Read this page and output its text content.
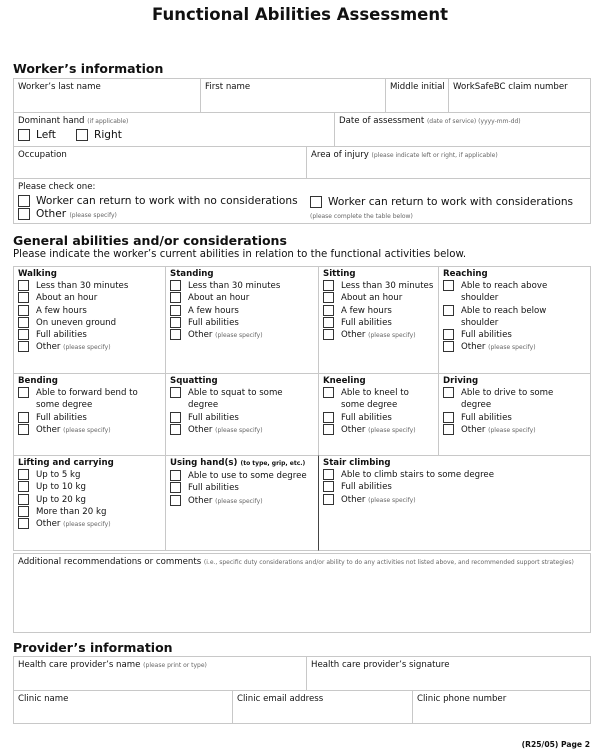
Functional Abilities Assessment
Worker’s information
Worker’s last name	First name	Middle initial WorkSafeBC claim number
Dominant hand (if applicable)
Left	Right
Date of assessment (date of service) (yyyy-mm-dd)
Occupation	Area of injury (please indicate left or right, if applicable)
Please check one:
Worker can return to work with no considerations
Other (please specify)
Worker can return to work with considerations
(please complete the table below)
General abilities and/or considerations
Please indicate the worker’s current abilities in relation to the functional activities below.
Walking
Less than 30 minutes
About an hour
A few hours
On uneven ground
Full abilities
Other (please specify)
Standing
Less than 30 minutes
About an hour
A few hours
Full abilities
Other (please specify)
Sitting
Less than 30 minutes
About an hour
A few hours
Full abilities
Other (please specify)
Reaching
Able to reach above shoulder
Able to reach below shoulder
Full abilities
Other (please specify)
Bending
Able to forward bend to some degree
Full abilities
Other (please specify)
Squatting
Able to squat to some degree
Full abilities
Other (please specify)
Kneeling
Able to kneel to some degree
Full abilities
Other (please specify)
Driving
Able to drive to some degree
Full abilities
Other (please specify)
Lifting and carrying
Up to 5 kg
Up to 10 kg
Up to 20 kg
More than 20 kg
Other (please specify)
Using hand(s) (to type, grip, etc.)
Able to use to some degree
Full abilities
Other (please specify)
Stair climbing
Able to climb stairs to some degree
Full abilities
Other (please specify)
Additional recommendations or comments (i.e., specific duty considerations and/or ability to do any activities not listed above, and recommended support strategies)
Provider’s information
Health care provider’s name (please print or type)	Health care provider’s signature
Clinic name	Clinic email address	Clinic phone number
(R25/05) Page 2
